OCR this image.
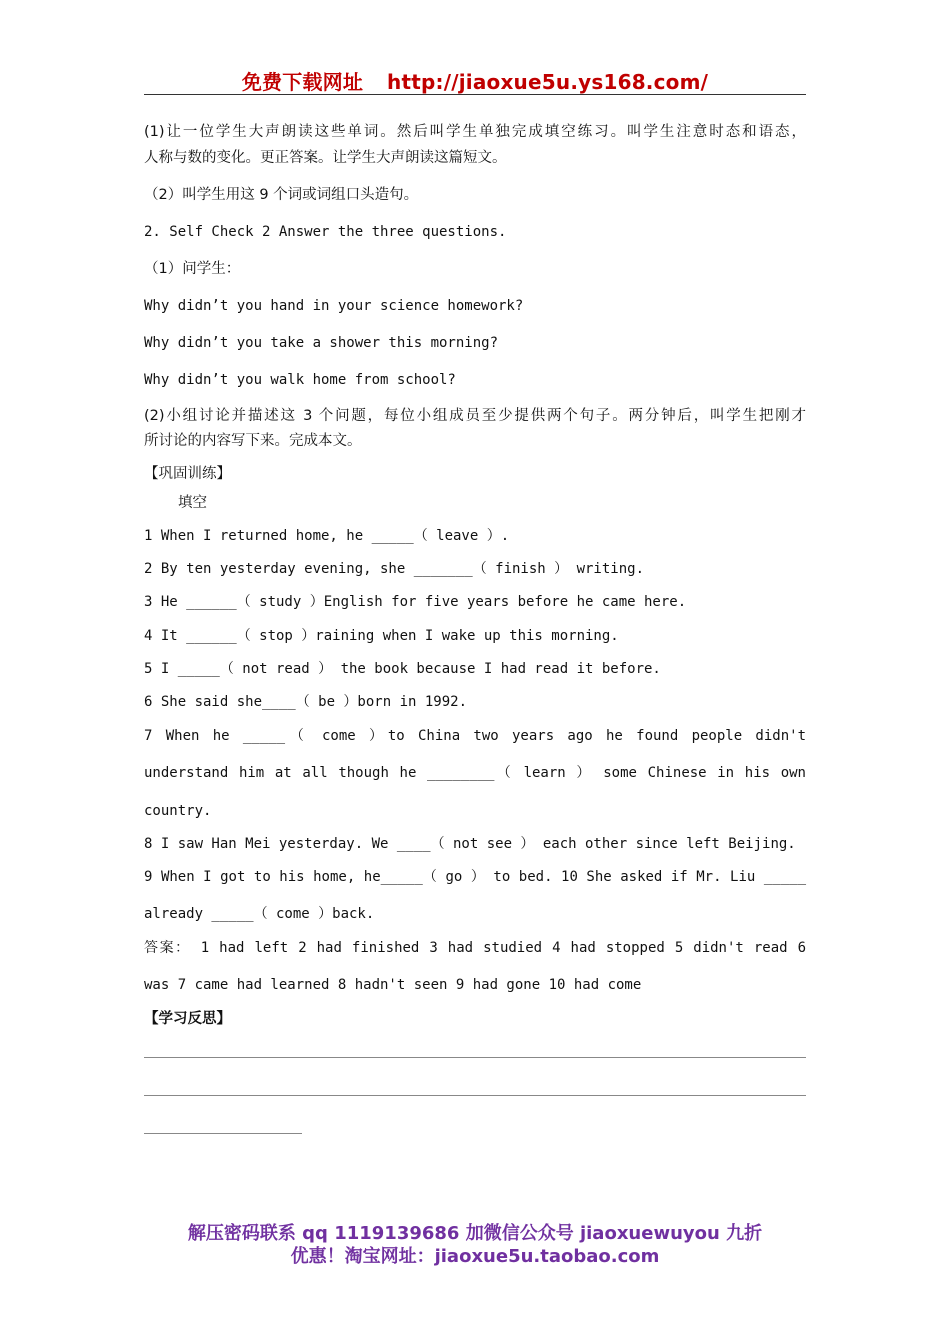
免费下载网址 http://jiaoxue5u.ys168.com/
(1)让一位学生大声朗读这些单词。然后叫学生单独完成填空练习。叫学生注意时态和语态，
人称与数的变化。更正答案。让学生大声朗读这篇短文。
（2）叫学生用这 9 个词或词组口头造句。
2. Self Check 2 Answer the three questions.
（1）问学生：
Why didn’t you hand in your science homework?
Why didn’t you take a shower this morning?
Why didn’t you walk home from school?
(2)小组讨论并描述这 3 个问题，每位小组成员至少提供两个句子。两分钟后，叫学生把刚才
所讨论的内容写下来。完成本文。
【巩固训练】
填空
1 When I returned home, he _____（ leave ）.
2 By ten yesterday evening, she _______（ finish ） writing.
3 He ______（ study ）English for five years before he came here.
4 It ______（ stop ）raining when I wake up this morning.
5 I _____（ not read ） the book because I had read it before.
6 She said she____（ be ）born in 1992.
7 When he _____（ come ）to China two years ago he found people didn't
understand him at all though he ________（ learn ） some Chinese in his own
country.
8 I saw Han Mei yesterday. We ____（ not see ） each other since left Beijing.
9 When I got to his home, he_____（ go ） to bed. 10 She asked if Mr. Liu _____
already _____（ come ）back.
答案： 1 had left 2 had finished 3 had studied 4 had stopped 5 didn't read 6
was 7 came had learned 8 hadn't seen 9 had gone 10 had come
【学习反思】
解压密码联系 qq 1119139686 加微信公众号 jiaoxuewuyou 九折
优惠！淘宝网址：jiaoxue5u.taobao.com
